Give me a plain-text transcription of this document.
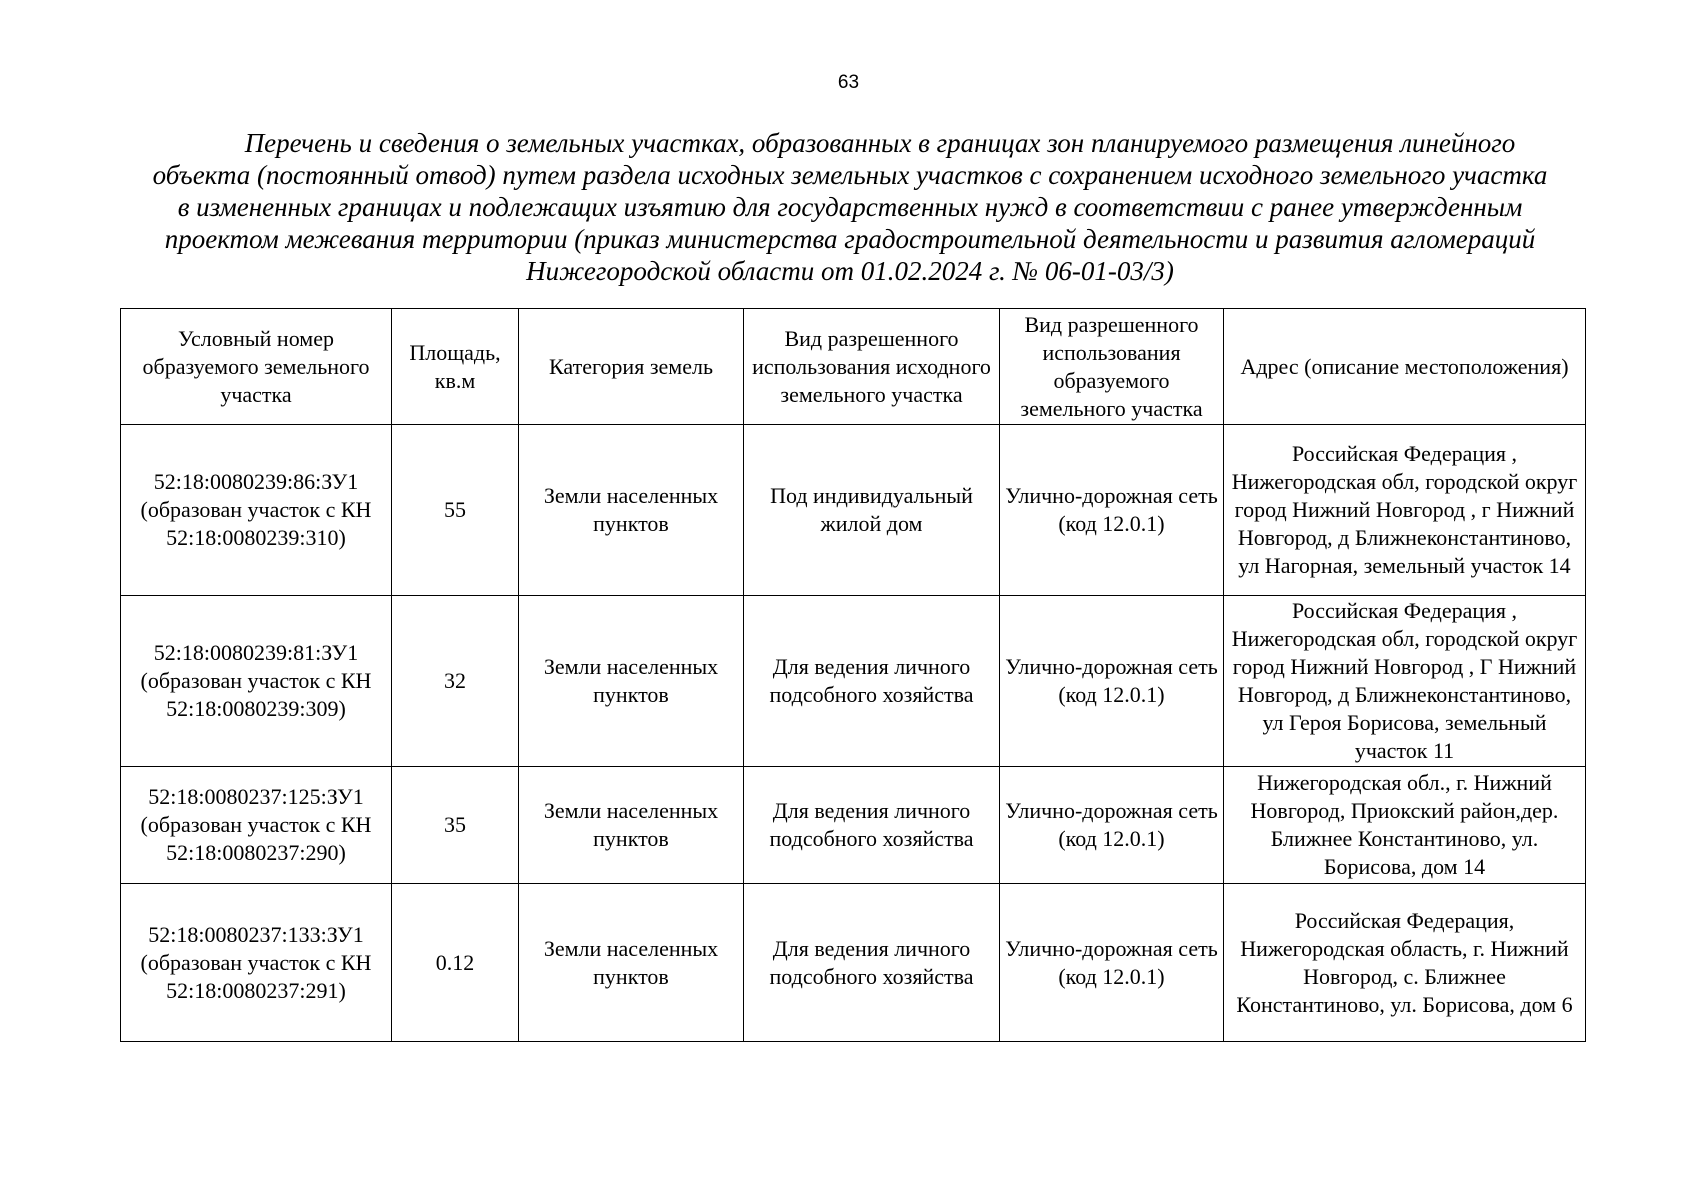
63

Перечень и сведения о земельных участках, образованных в границах зон планируемого размещения линейного объекта (постоянный отвод) путем раздела исходных земельных участков с сохранением исходного земельного участка в измененных границах и подлежащих изъятию для государственных нужд в соответствии с ранее утвержденным проектом межевания территории (приказ министерства градостроительной деятельности и развития агломераций Нижегородской области от 01.02.2024 г. № 06-01-03/3)

Условный номер образуемого земельного участка	Площадь, кв.м	Категория земель	Вид разрешенного использования исходного земельного участка	Вид разрешенного использования образуемого земельного участка	Адрес (описание местоположения)
52:18:0080239:86:ЗУ1 (образован участок с КН 52:18:0080239:310)	55	Земли населенных пунктов	Под индивидуальный жилой дом	Улично-дорожная сеть (код 12.0.1)	Российская Федерация , Нижегородская обл, городской округ город Нижний Новгород , г Нижний Новгород, д Ближнеконстантиново, ул Нагорная, земельный участок 14
52:18:0080239:81:ЗУ1 (образован участок с КН 52:18:0080239:309)	32	Земли населенных пунктов	Для ведения личного подсобного хозяйства	Улично-дорожная сеть (код 12.0.1)	Российская Федерация , Нижегородская обл, городской округ город Нижний Новгород , Г Нижний Новгород, д Ближнеконстантиново, ул Героя Борисова, земельный участок 11
52:18:0080237:125:ЗУ1 (образован участок с КН 52:18:0080237:290)	35	Земли населенных пунктов	Для ведения личного подсобного хозяйства	Улично-дорожная сеть (код 12.0.1)	Нижегородская обл., г. Нижний Новгород, Приокский район,дер. Ближнее Константиново, ул. Борисова, дом 14
52:18:0080237:133:ЗУ1 (образован участок с КН 52:18:0080237:291)	0.12	Земли населенных пунктов	Для ведения личного подсобного хозяйства	Улично-дорожная сеть (код 12.0.1)	Российская Федерация, Нижегородская область, г. Нижний Новгород, с. Ближнее Константиново, ул. Борисова, дом 6
